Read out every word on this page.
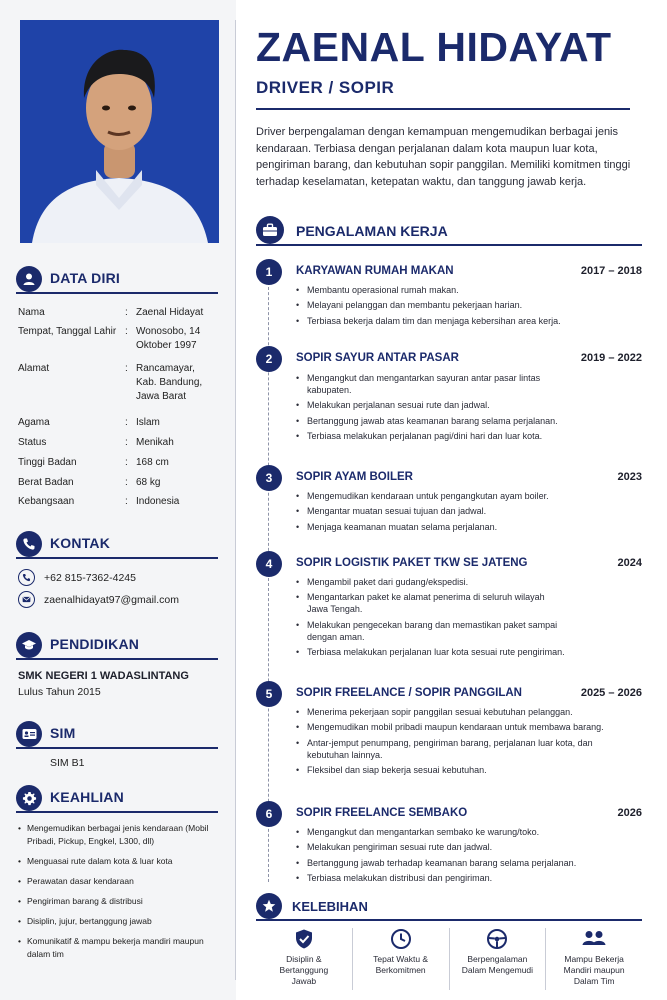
DATA DIRI
Nama	: Zaenal Hidayat
Tempat, Tanggal Lahir : Wonosobo, 14 Oktober 1997
Alamat	: Rancamayar, Kab. Bandung, Jawa Barat
Agama	: Islam
Status	: Menikah
Tinggi Badan	: 168 cm
Berat Badan	: 68 kg
Kebangsaan	: Indonesia
KONTAK
+62 815-7362-4245
zaenalhidayat97@gmail.com
PENDIDIKAN
SMK NEGERI 1 WADASLINTANG
Lulus Tahun 2015
SIM
SIM B1
KEAHLIAN
• Mengemudikan berbagai jenis kendaraan (Mobil Pribadi, Pickup, Engkel, L300, dll)
• Menguasai rute dalam kota & luar kota
• Perawatan dasar kendaraan
• Pengiriman barang & distribusi
• Disiplin, jujur, bertanggung jawab
• Komunikatif & mampu bekerja mandiri maupun dalam tim
ZAENAL HIDAYAT
DRIVER / SOPIR
Driver berpengalaman dengan kemampuan mengemudikan berbagai jenis kendaraan. Terbiasa dengan perjalanan dalam kota maupun luar kota, pengiriman barang, dan kebutuhan sopir panggilan. Memiliki komitmen tinggi terhadap keselamatan, ketepatan waktu, dan tanggung jawab kerja.
PENGALAMAN KERJA
1	KARYAWAN RUMAH MAKAN	2017 – 2018
• Membantu operasional rumah makan.
• Melayani pelanggan dan membantu pekerjaan harian.
• Terbiasa bekerja dalam tim dan menjaga kebersihan area kerja.
2	SOPIR SAYUR ANTAR PASAR	2019 – 2022
• Mengangkut dan mengantarkan sayuran antar pasar lintas kabupaten.
• Melakukan perjalanan sesuai rute dan jadwal.
• Bertanggung jawab atas keamanan barang selama perjalanan.
• Terbiasa melakukan perjalanan pagi/dini hari dan luar kota.
3	SOPIR AYAM BOILER	2023
• Mengemudikan kendaraan untuk pengangkutan ayam boiler.
• Mengantar muatan sesuai tujuan dan jadwal.
• Menjaga keamanan muatan selama perjalanan.
4	SOPIR LOGISTIK PAKET TKW SE JATENG	2024
• Mengambil paket dari gudang/ekspedisi.
• Mengantarkan paket ke alamat penerima di seluruh wilayah Jawa Tengah.
• Melakukan pengecekan barang dan memastikan paket sampai dengan aman.
• Terbiasa melakukan perjalanan luar kota sesuai rute pengiriman.
5	SOPIR FREELANCE / SOPIR PANGGILAN	2025 – 2026
• Menerima pekerjaan sopir panggilan sesuai kebutuhan pelanggan.
• Mengemudikan mobil pribadi maupun kendaraan untuk membawa barang.
• Antar-jemput penumpang, pengiriman barang, perjalanan luar kota, dan kebutuhan lainnya.
• Fleksibel dan siap bekerja sesuai kebutuhan.
6	SOPIR FREELANCE SEMBAKO	2026
• Mengangkut dan mengantarkan sembako ke warung/toko.
• Melakukan pengiriman sesuai rute dan jadwal.
• Bertanggung jawab terhadap keamanan barang selama perjalanan.
• Terbiasa melakukan distribusi dan pengiriman.
KELEBIHAN
Disiplin & Bertanggung Jawab
Tepat Waktu & Berkomitmen
Berpengalaman Dalam Mengemudi
Mampu Bekerja Mandiri maupun Dalam Tim
